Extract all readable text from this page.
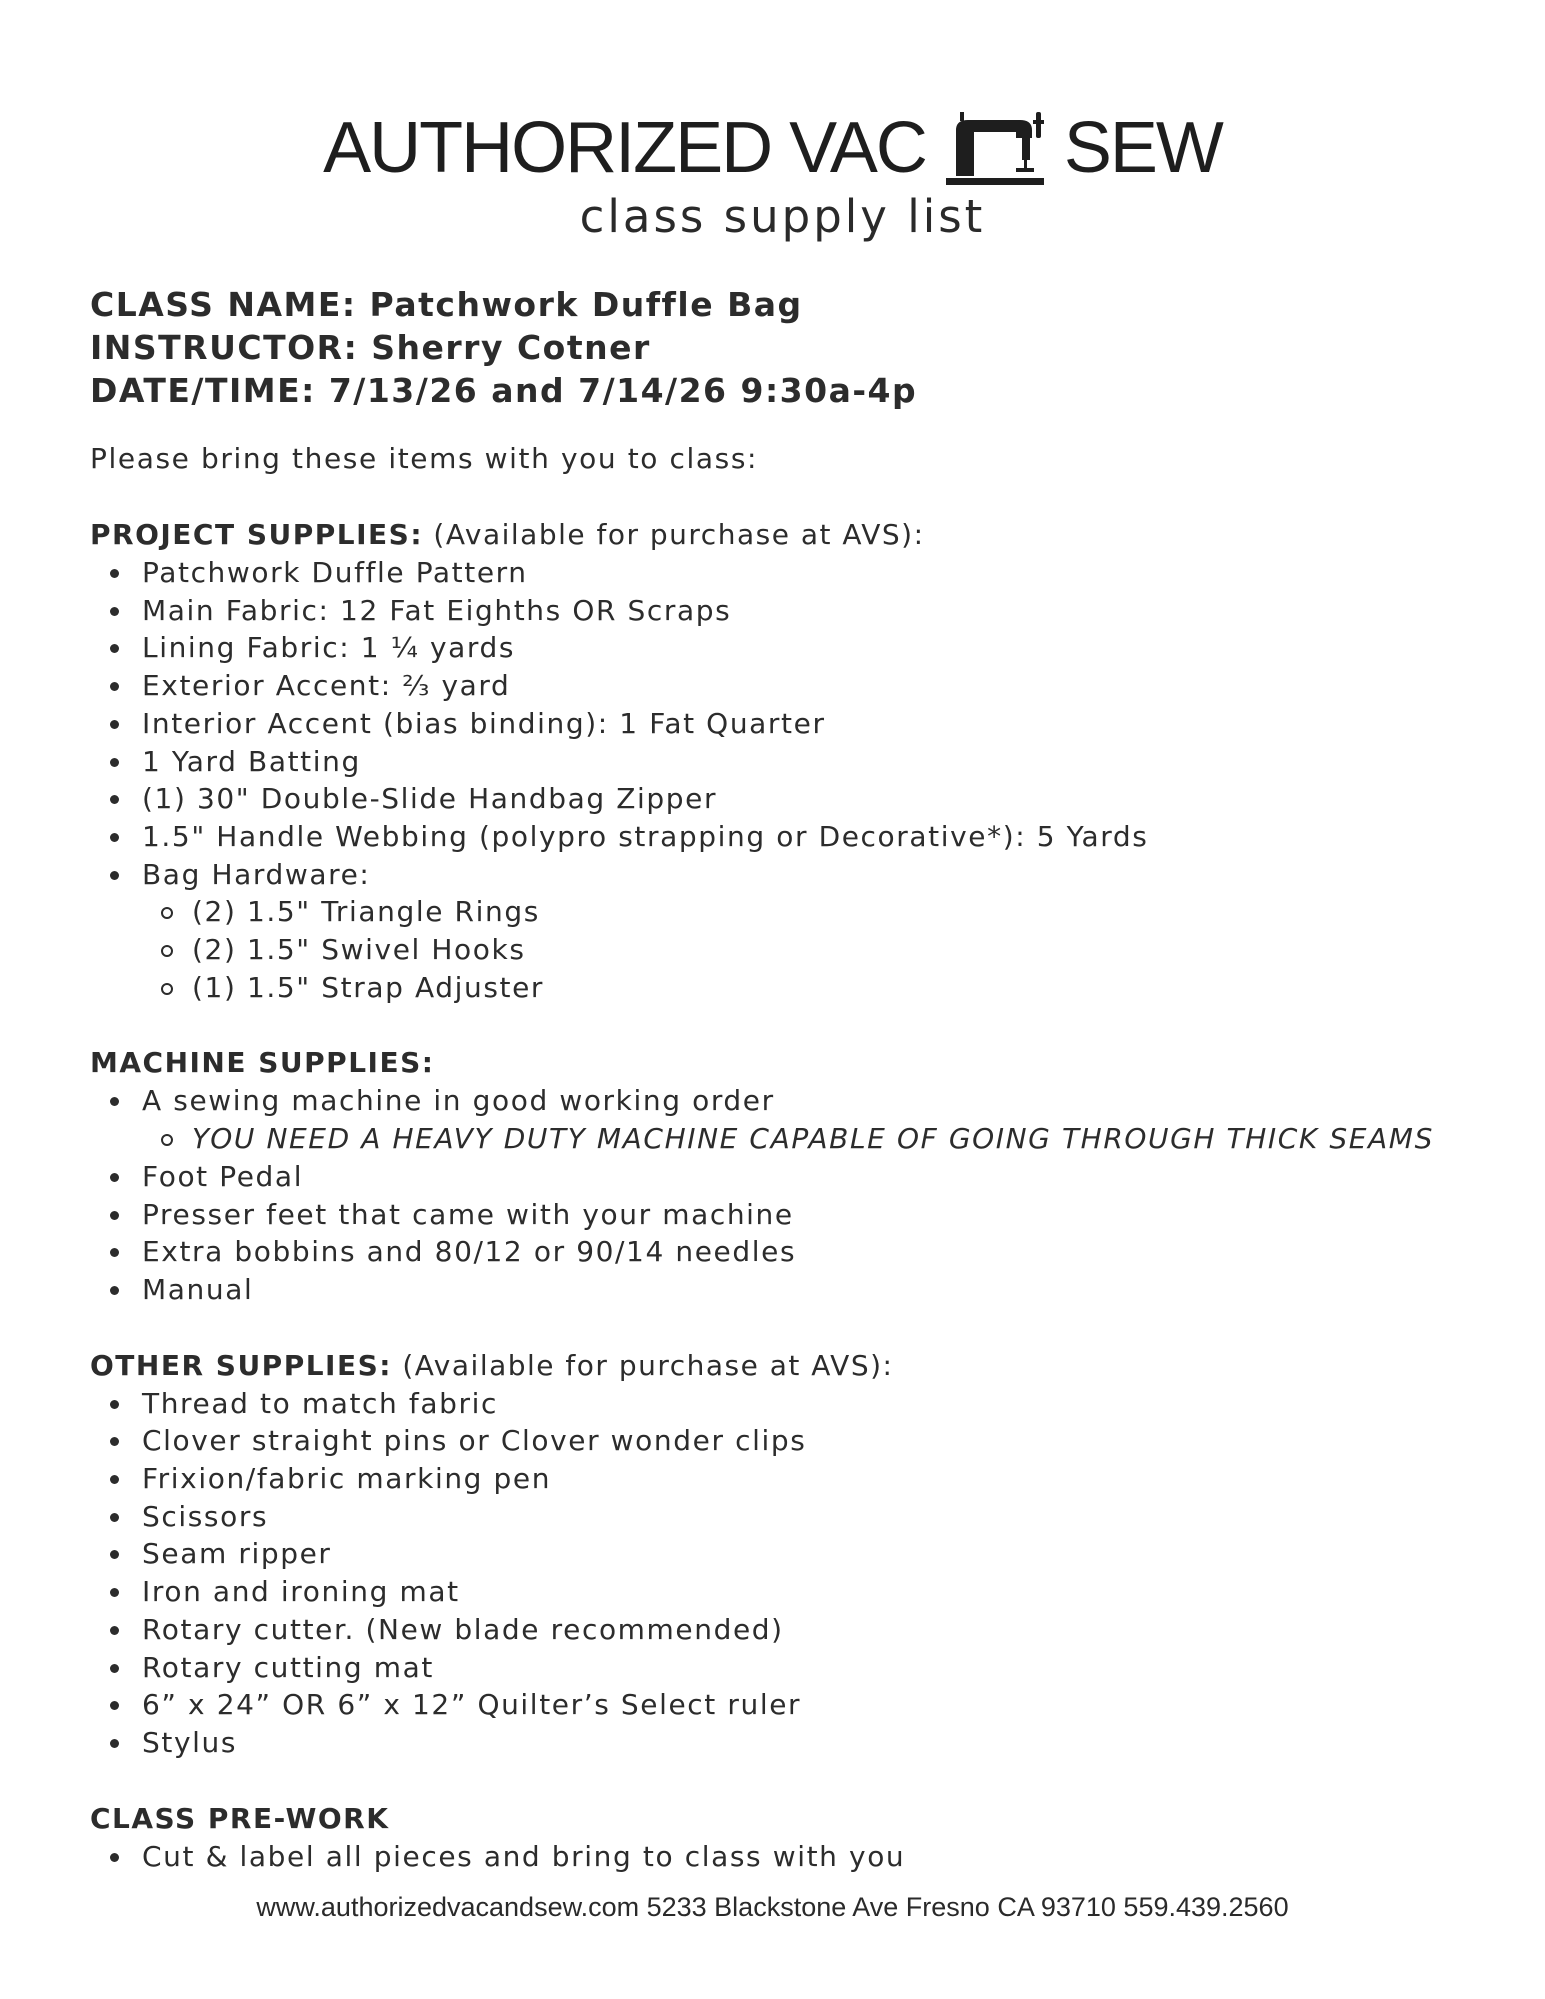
AUTHORIZED VAC SEW
class supply list

CLASS NAME: Patchwork Duffle Bag

INSTRUCTOR: Sherry Cotner

DATE/TIME: 7/13/26 and 7/14/26 9:30a-4p

Please bring these items with you to class:
PROJECT SUPPLIES: (Available for purchase at AVS):
Patchwork Duffle Pattern
Main Fabric: 12 Fat Eighths OR Scraps
Lining Fabric: 1 ¼ yards
Exterior Accent: ⅔ yard
Interior Accent (bias binding): 1 Fat Quarter
1 Yard Batting
(1) 30" Double-Slide Handbag Zipper
1.5" Handle Webbing (polypro strapping or Decorative*): 5 Yards
Bag Hardware:
(2) 1.5" Triangle Rings
(2) 1.5" Swivel Hooks
(1) 1.5" Strap Adjuster
MACHINE SUPPLIES:
A sewing machine in good working order
YOU NEED A HEAVY DUTY MACHINE CAPABLE OF GOING THROUGH THICK SEAMS
Foot Pedal
Presser feet that came with your machine
Extra bobbins and 80/12 or 90/14 needles
Manual
OTHER SUPPLIES: (Available for purchase at AVS):
Thread to match fabric
Clover straight pins or Clover wonder clips
Frixion/fabric marking pen
Scissors
Seam ripper
Iron and ironing mat
Rotary cutter. (New blade recommended)
Rotary cutting mat
6” x 24” OR 6” x 12” Quilter’s Select ruler
Stylus
CLASS PRE-WORK
Cut & label all pieces and bring to class with you
www.authorizedvacandsew.com 5233 Blackstone Ave Fresno CA 93710 559.439.2560
